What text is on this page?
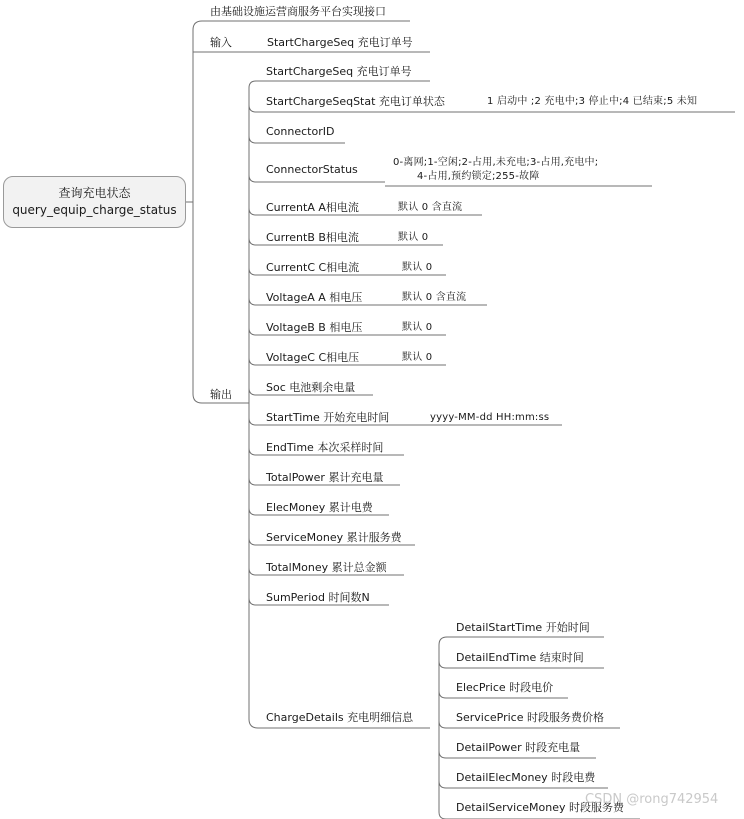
查询充电状态
query_equip_charge_status
由基础设施运营商服务平台实现接口
输入	StartChargeSeq 充电订单号
输出
StartChargeSeq 充电订单号
StartChargeSeqStat 充电订单状态	1 启动中 ;2 充电中;3 停止中;4 已结束;5 未知
ConnectorID
ConnectorStatus
0-离网;1-空闲;2-占用,未充电;3-占用,充电中;
4-占用,预约锁定;255-故障
CurrentA A相电流	默认 0 含直流
CurrentB B相电流	默认 0
CurrentC C相电流	默认 0
VoltageA A 相电压	默认 0 含直流
VoltageB B 相电压	默认 0
VoltageC C相电压	默认 0
Soc 电池剩余电量
StartTime 开始充电时间	yyyy-MM-dd HH:mm:ss
EndTime 本次采样时间
TotalPower 累计充电量
ElecMoney 累计电费
ServiceMoney 累计服务费
TotalMoney 累计总金额
SumPeriod 时间数N
ChargeDetails 充电明细信息
DetailStartTime 开始时间
DetailEndTime 结束时间
ElecPrice 时段电价
ServicePrice 时段服务费价格
DetailPower 时段充电量
DetailElecMoney 时段电费
DetailServiceMoney 时段服务费
CSDN @rong742954
